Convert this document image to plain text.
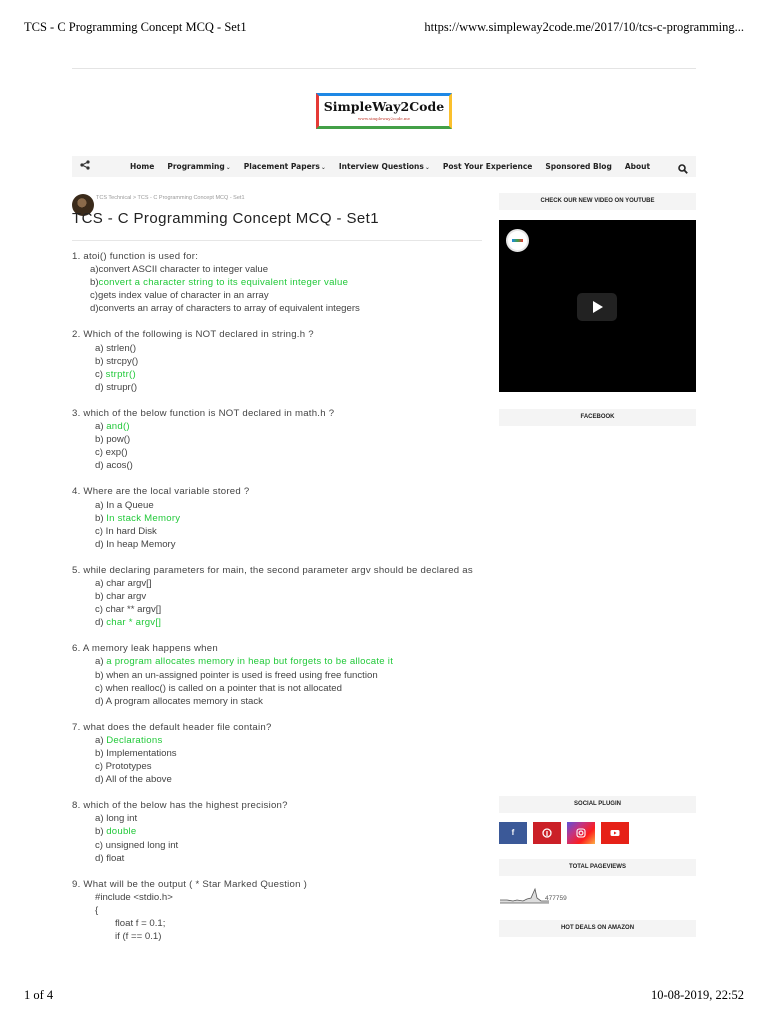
TCS - C Programming Concept MCQ - Set1	https://www.simpleway2code.me/2017/10/tcs-c-programming...
SimpleWay2Code
www.simpleway2code.me
Home Programming⌄ Placement Papers⌄ Interview Questions⌄ Post Your Experience Sponsored Blog About
TCS Technical > TCS - C Programming Concept MCQ - Set1
TCS - C Programming Concept MCQ - Set1
1. atoi() function is used for:
a)convert ASCII character to integer value
b)convert a character string to its equivalent integer value
c)gets index value of character in an array
d)converts an array of characters to array of equivalent integers
2. Which of the following is NOT declared in string.h ?
a) strlen()
b) strcpy()
c) strptr()
d) strupr()
3. which of the below function is NOT declared in math.h ?
a) and()
b) pow()
c) exp()
d) acos()
4. Where are the local variable stored ?
a) In a Queue
b) In stack Memory
c) In hard Disk
d) In heap Memory
5. while declaring parameters for main, the second parameter argv should be declared as
a) char argv[]
b) char argv
c) char ** argv[]
d) char * argv[]
6. A memory leak happens when
a) a program allocates memory in heap but forgets to be allocate it
b) when an un-assigned pointer is used is freed using free function
c) when realloc() is called on a pointer that is not allocated
d) A program allocates memory in stack
7. what does the default header file contain?
a) Declarations
b) Implementations
c) Prototypes
d) All of the above
8. which of the below has the highest precision?
a) long int
b) double
c) unsigned long int
d) float
9. What will be the output ( * Star Marked Question )
#include <stdio.h>
{
float f = 0.1;
if (f == 0.1)
CHECK OUR NEW VIDEO ON YOUTUBE
FACEBOOK
SOCIAL PLUGIN
f
TOTAL PAGEVIEWS
477759
HOT DEALS ON AMAZON
1 of 4	10-08-2019, 22:52
